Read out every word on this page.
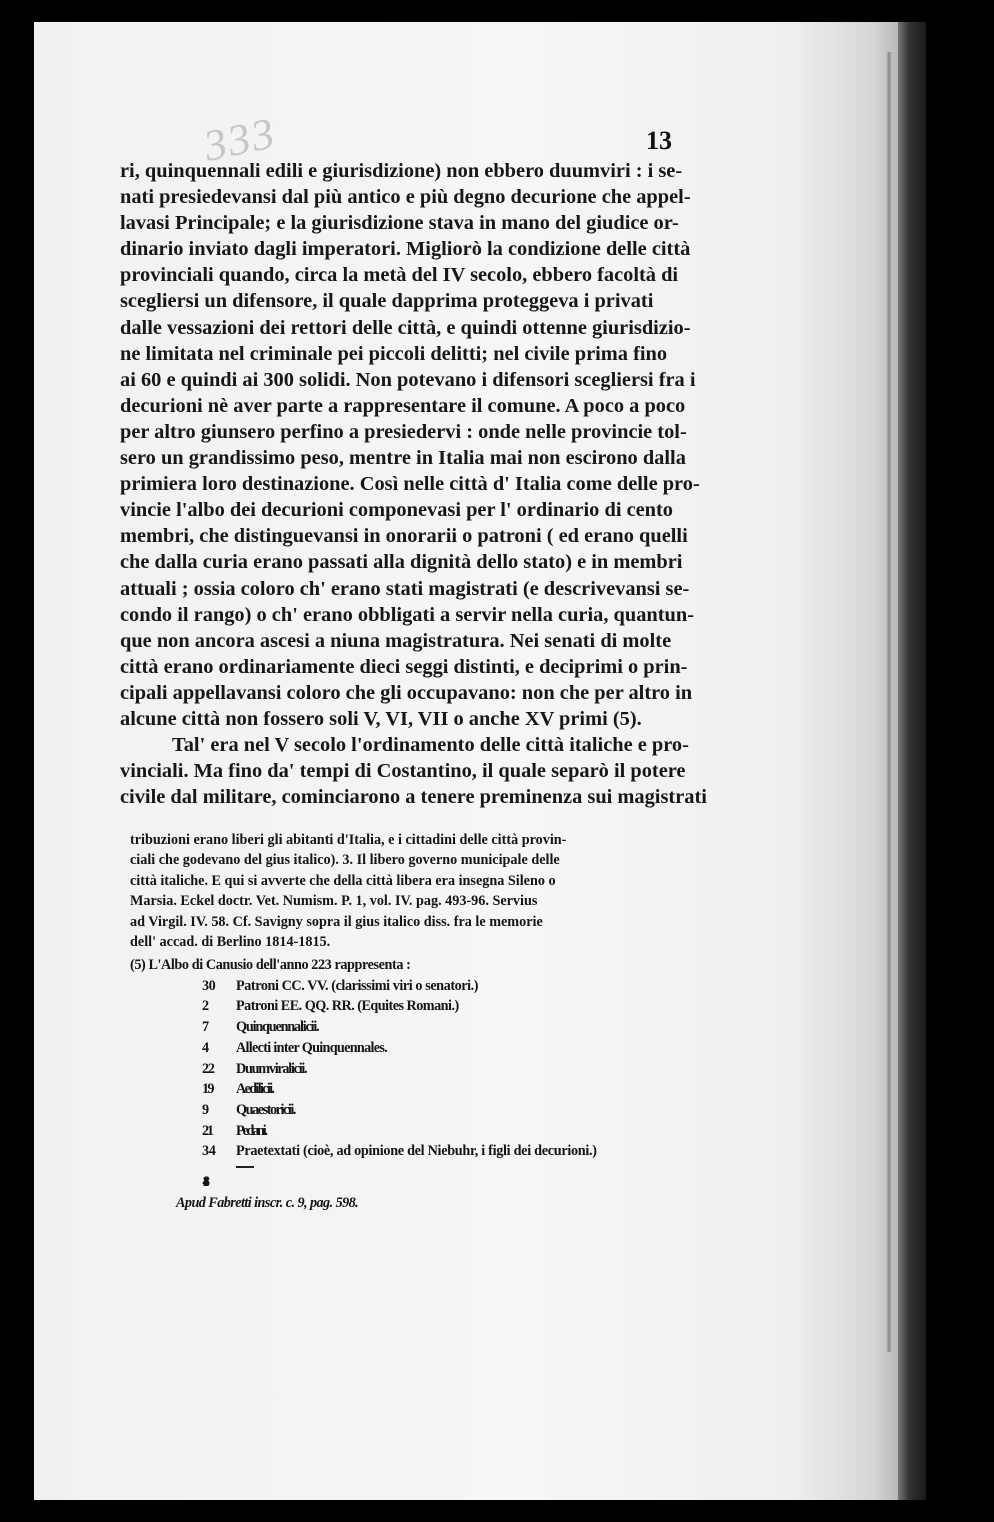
333	13
ri, quinquennali edili e giurisdizione) non ebbero duumviri : i se-
nati presiedevansi dal più antico e più degno decurione che appel-
lavasi Principale; e la giurisdizione stava in mano del giudice or-
dinario inviato dagli imperatori. Migliorò la condizione delle città
provinciali quando, circa la metà del IV secolo, ebbero facoltà di
scegliersi un difensore, il quale dapprima proteggeva i privati
dalle vessazioni dei rettori delle città, e quindi ottenne giurisdizio-
ne limitata nel criminale pei piccoli delitti; nel civile prima fino
ai 60 e quindi ai 300 solidi. Non potevano i difensori scegliersi fra i
decurioni nè aver parte a rappresentare il comune. A poco a poco
per altro giunsero perfino a presiedervi : onde nelle provincie tol-
sero un grandissimo peso, mentre in Italia mai non escirono dalla
primiera loro destinazione. Così nelle città d' Italia come delle pro-
vincie l'albo dei decurioni componevasi per l' ordinario di cento
membri, che distinguevansi in onorarii o patroni ( ed erano quelli
che dalla curia erano passati alla dignità dello stato) e in membri
attuali ; ossia coloro ch' erano stati magistrati (e descrivevansi se-
condo il rango) o ch' erano obbligati a servir nella curia, quantun-
que non ancora ascesi a niuna magistratura. Nei senati di molte
città erano ordinariamente dieci seggi distinti, e deciprimi o prin-
cipali appellavansi coloro che gli occupavano: non che per altro in
alcune città non fossero soli V, VI, VII o anche XV primi (5).
Tal' era nel V secolo l'ordinamento delle città italiche e pro-
vinciali. Ma fino da' tempi di Costantino, il quale separò il potere
civile dal militare, cominciarono a tenere preminenza sui magistrati
tribuzioni erano liberi gli abitanti d'Italia, e i cittadini delle città provin-
ciali che godevano del gius italico). 3. Il libero governo municipale delle
città italiche. E qui si avverte che della città libera era insegna Sileno o
Marsia. Eckel doctr. Vet. Numism. P. 1, vol. IV. pag. 493-96. Servius
ad Virgil. IV. 58. Cf. Savigny sopra il gius italico diss. fra le memorie
dell' accad. di Berlino 1814-1815.
(5) L'Albo di Canusio dell'anno 223 rappresenta :
30 Patroni CC. VV. (clarissimi viri o senatori.)
2 Patroni EE. QQ. RR. (Equites Romani.)
7 Quinquennalicii.
4 Allecti inter Quinquennales.
22 Duumviralicii.
19 Aedilicii.
9 Quaestoricii.
21 Pedani.
34 Praetextati (cioè, ad opinione del Niebuhr, i figli dei decurioni.)
148
Apud Fabretti inscr. c. 9, pag. 598.
